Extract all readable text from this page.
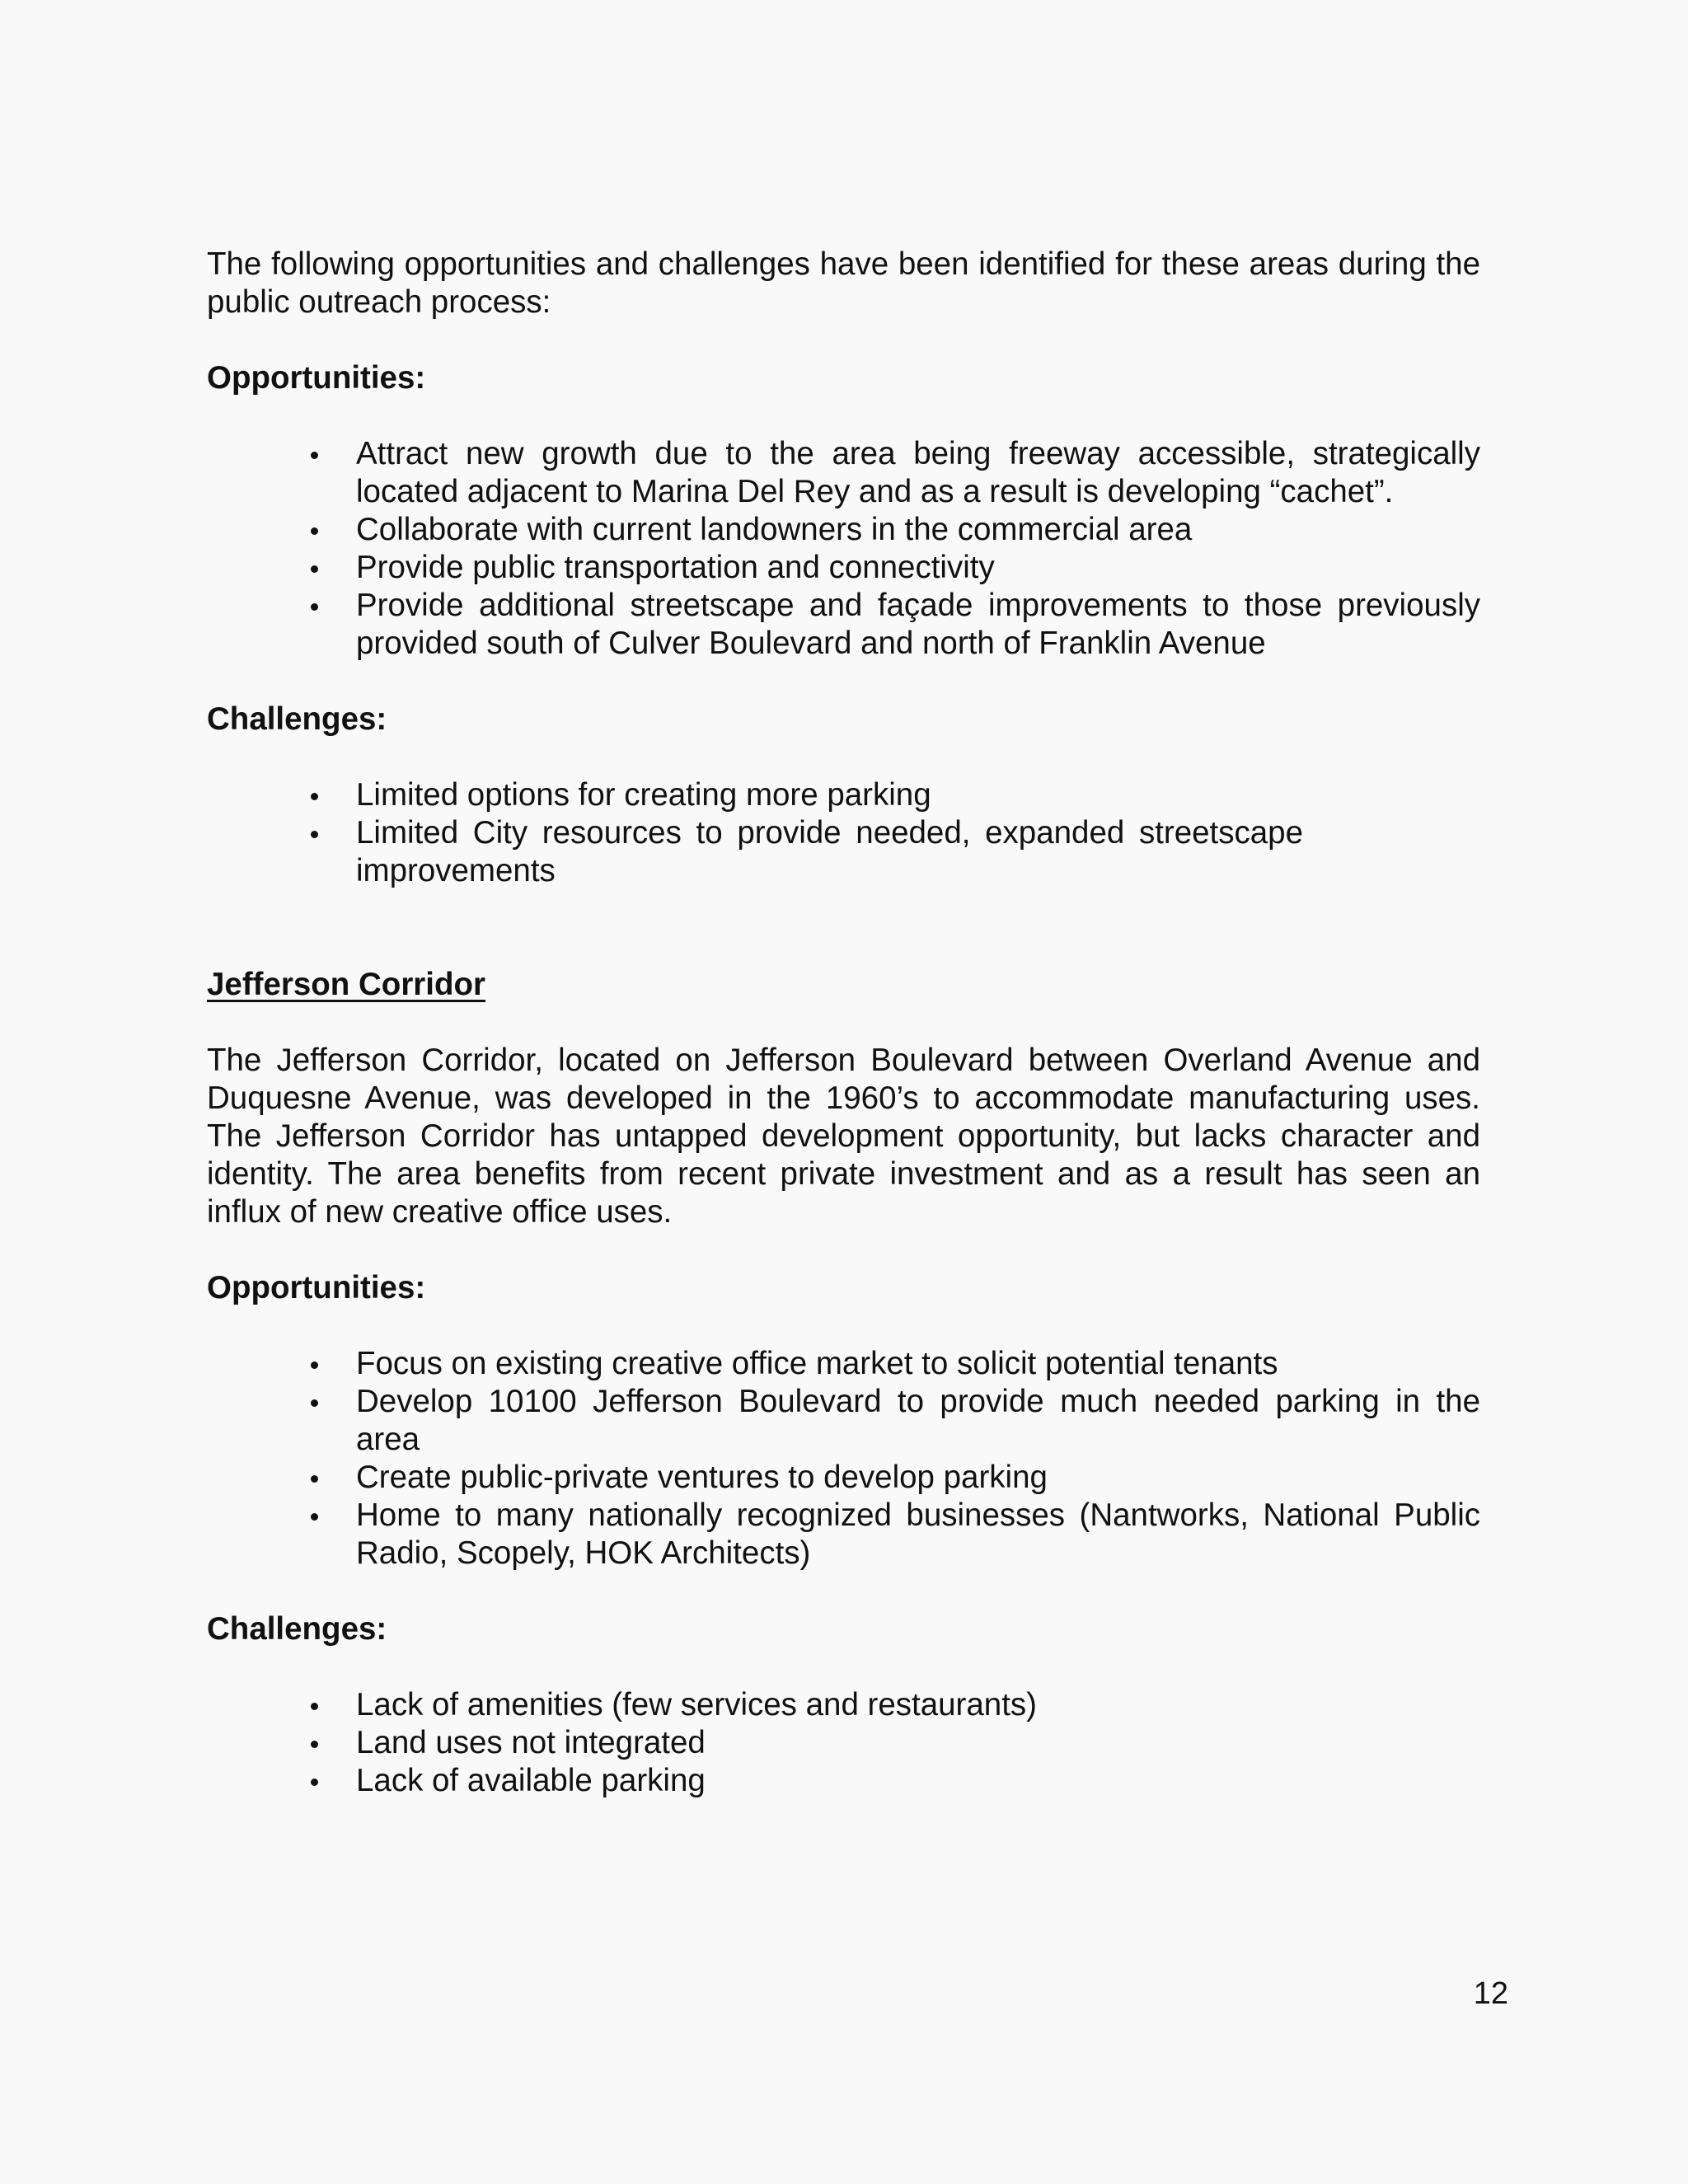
The following opportunities and challenges have been identified for these areas during the public outreach process:

Opportunities:
Attract new growth due to the area being freeway accessible, strategically located adjacent to Marina Del Rey and as a result is developing “cachet”.
Collaborate with current landowners in the commercial area
Provide public transportation and connectivity
Provide additional streetscape and façade improvements to those previously provided south of Culver Boulevard and north of Franklin Avenue
Challenges:
Limited options for creating more parking
Limited City resources to provide needed, expanded streetscape improvements
Jefferson Corridor

The Jefferson Corridor, located on Jefferson Boulevard between Overland Avenue and Duquesne Avenue, was developed in the 1960’s to accommodate manufacturing uses. The Jefferson Corridor has untapped development opportunity, but lacks character and identity. The area benefits from recent private investment and as a result has seen an influx of new creative office uses.

Opportunities:
Focus on existing creative office market to solicit potential tenants
Develop 10100 Jefferson Boulevard to provide much needed parking in the area
Create public-private ventures to develop parking
Home to many nationally recognized businesses (Nantworks, National Public Radio, Scopely, HOK Architects)
Challenges:
Lack of amenities (few services and restaurants)
Land uses not integrated
Lack of available parking
12
